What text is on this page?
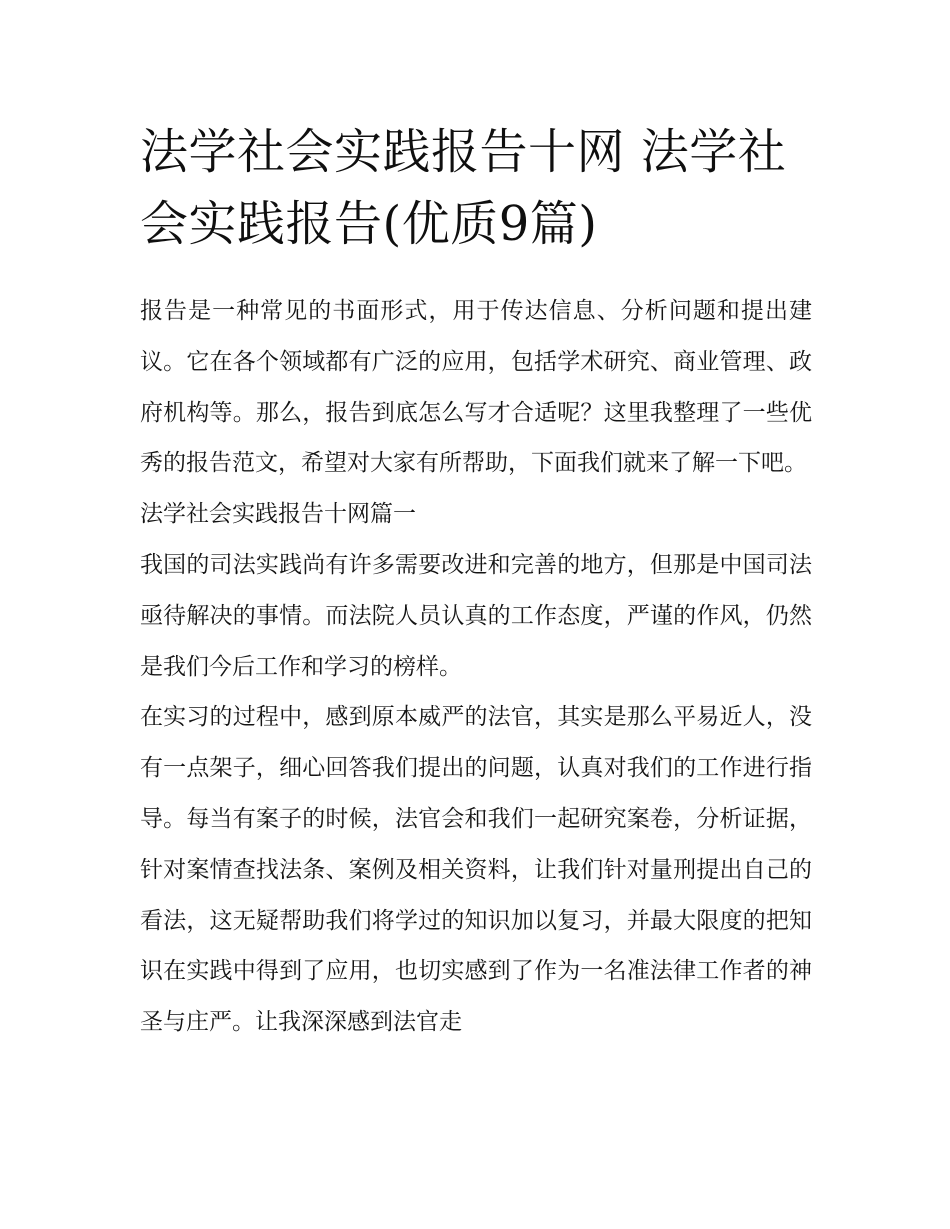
法学社会实践报告十网 法学社会实践报告(优质9篇)

报告是一种常见的书面形式，用于传达信息、分析问题和提出建议。它在各个领域都有广泛的应用，包括学术研究、商业管理、政府机构等。那么，报告到底怎么写才合适呢？这里我整理了一些优秀的报告范文，希望对大家有所帮助，下面我们就来了解一下吧。

法学社会实践报告十网篇一

我国的司法实践尚有许多需要改进和完善的地方，但那是中国司法亟待解决的事情。而法院人员认真的工作态度，严谨的作风，仍然是我们今后工作和学习的榜样。

在实习的过程中，感到原本威严的法官，其实是那么平易近人，没有一点架子，细心回答我们提出的问题，认真对我们的工作进行指导。每当有案子的时候，法官会和我们一起研究案卷，分析证据，针对案情查找法条、案例及相关资料，让我们针对量刑提出自己的看法，这无疑帮助我们将学过的知识加以复习，并最大限度的把知识在实践中得到了应用，也切实感到了作为一名准法律工作者的神圣与庄严。让我深深感到法官走
